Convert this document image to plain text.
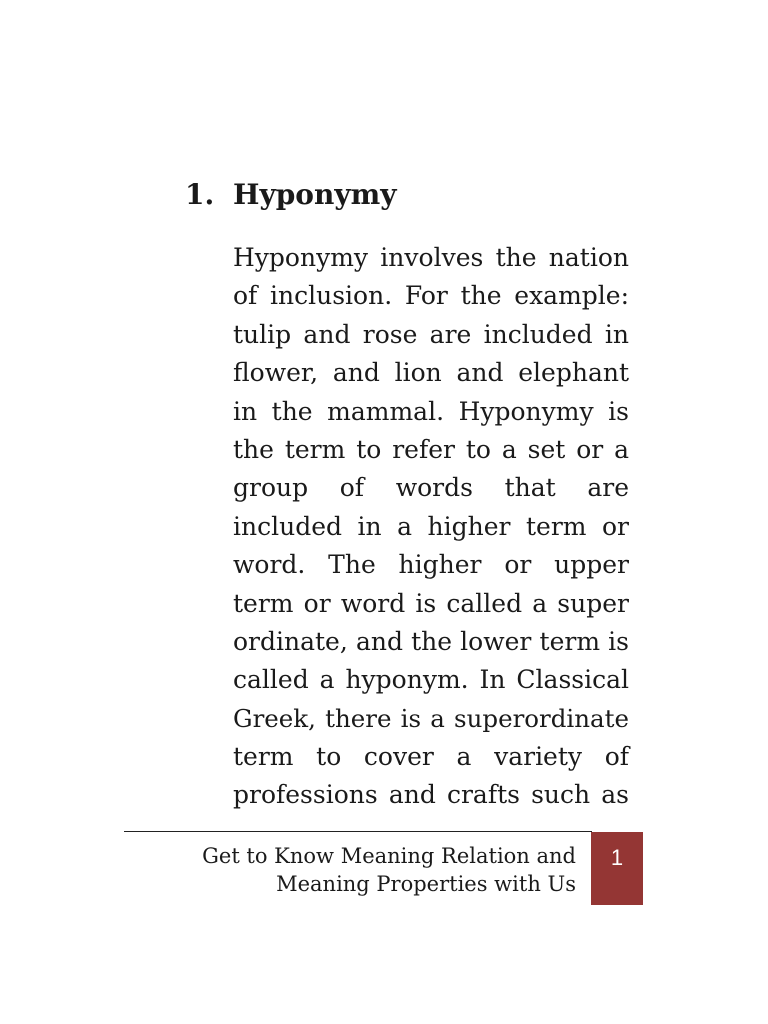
1. Hyponymy
Hyponymy involves the nation
of inclusion. For the example:
tulip and rose are included in
flower, and lion and elephant
in the mammal. Hyponymy is
the term to refer to a set or a
group of words that are
included in a higher term or
word. The higher or upper
term or word is called a super
ordinate, and the lower term is
called a hyponym. In Classical
Greek, there is a superordinate
term to cover a variety of
professions and crafts such as
Get to Know Meaning Relation and
Meaning Properties with Us
1
